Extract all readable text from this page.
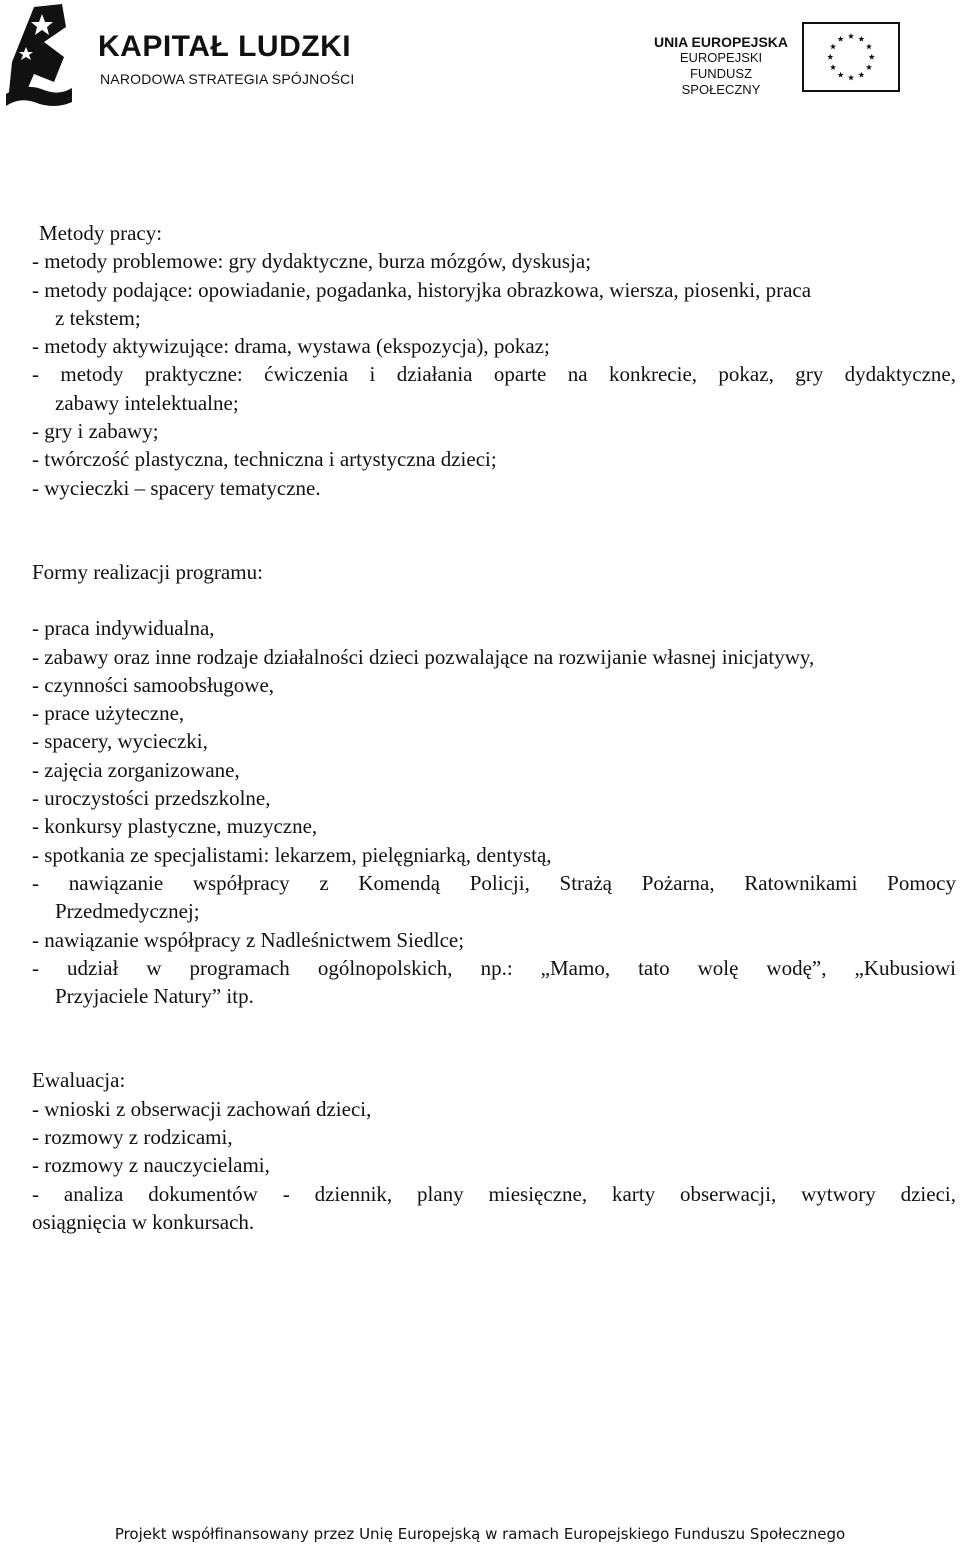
KAPITAŁ LUDZKI
NARODOWA STRATEGIA SPÓJNOŚCI
UNIA EUROPEJSKA
EUROPEJSKI
FUNDUSZ SPOŁECZNY
Metody pracy:
- metody problemowe: gry dydaktyczne, burza mózgów, dyskusja;
- metody podające: opowiadanie, pogadanka, historyjka obrazkowa, wiersza, piosenki, praca
z tekstem;
- metody aktywizujące: drama, wystawa (ekspozycja), pokaz;
- metody praktyczne: ćwiczenia i działania oparte na konkrecie, pokaz, gry dydaktyczne,
zabawy intelektualne;
- gry i zabawy;
- twórczość plastyczna, techniczna i artystyczna dzieci;
- wycieczki – spacery tematyczne.
Formy realizacji programu:
- praca indywidualna,
- zabawy oraz inne rodzaje działalności dzieci pozwalające na rozwijanie własnej inicjatywy,
- czynności samoobsługowe,
- prace użyteczne,
- spacery, wycieczki,
- zajęcia zorganizowane,
- uroczystości przedszkolne,
- konkursy plastyczne, muzyczne,
- spotkania ze specjalistami: lekarzem, pielęgniarką, dentystą,
- nawiązanie współpracy z Komendą Policji, Strażą Pożarna, Ratownikami Pomocy
Przedmedycznej;
- nawiązanie współpracy z Nadleśnictwem Siedlce;
- udział w programach ogólnopolskich, np.: „Mamo, tato wolę wodę”, „Kubusiowi
Przyjaciele Natury” itp.
Ewaluacja:
- wnioski z obserwacji zachowań dzieci,
- rozmowy z rodzicami,
- rozmowy z nauczycielami,
- analiza dokumentów - dziennik, plany miesięczne, karty obserwacji, wytwory dzieci,
osiągnięcia w konkursach.
Projekt współfinansowany przez Unię Europejską w ramach Europejskiego Funduszu Społecznego
